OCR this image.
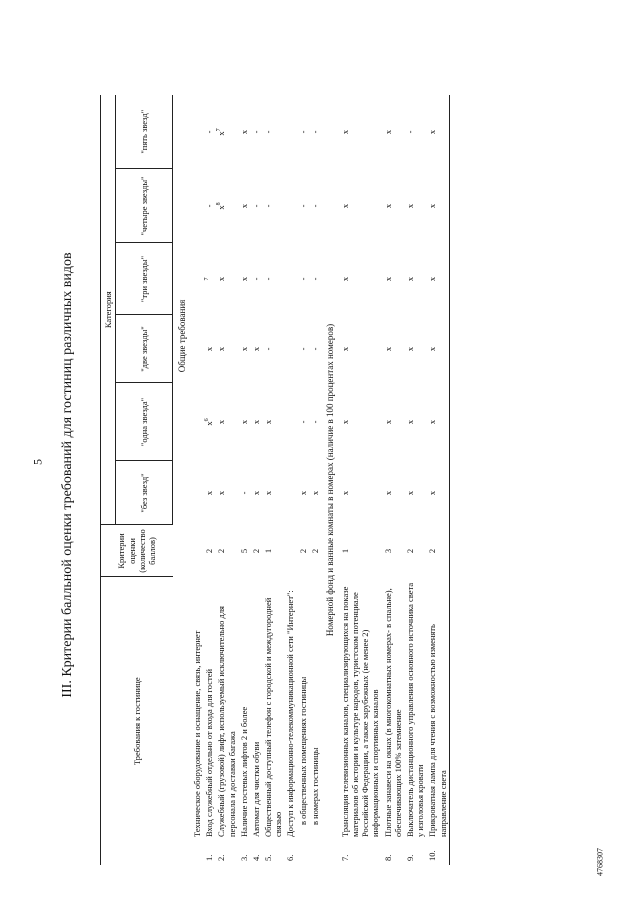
5
4768307
III. Критерии балльной оценки требований для гостиниц различных видов
Требования к гостинице		Критерии оценки (количество баллов)	Категория					
			"без звезд"	"одна звезда"	"две звезды"	"три звезды"	"четыре звезды"	"пять звезд"
		Общие требования						
	Техническое оборудование и оснащение, связь, интернет							
1.	Вход служебный отдельно от входа для гостей	2	x	$x^6$	x	$^7$	-	-
2.	Служебный (грузовой) лифт, используемый исключительно для персонала и доставки багажа	2	x	x	x	x	$x^8$	$x^7$
3.	Наличие гостевых лифтов 2 и более	5	-	x	x	x	x	x
4.	Автомат для чистки обуви	2	x	x	x	-	-	-
5.	Общественный доступный телефон с городской и междугородней связью	1	x	x	-	-	-	-
6.	Доступ к информационно-телекоммуникационной сети "Интернет":							
	в общественных помещениях гостиницы	2	x	-	-	-	-	-
	в номерах гостиницы	2	x	-	-	-	-	-
Номерной фонд и ванные комнаты в номерах (наличие в 100 процентах номеров)								
7.	Трансляция телевизионных каналов, специализирующихся на показе материалов об истории и культуре народов, туристском потенциале Российской Федерации, а также зарубежных (не менее 2) информационных и спортивных каналов	1	x	x	x	x	x	x
8.	Плотные занавеси на окнах (в многокомнатных номерах- в спальне), обеспечивающих 100% затемнение	3	x	x	x	x	x	x
9.	Выключатель дистанционного управления основного источника света у изголовья кровати	2	x	x	x	x	x	-
10.	Прикроватная лампа для чтения с возможностью изменять направление света	2	x	x	x	x	x	x
